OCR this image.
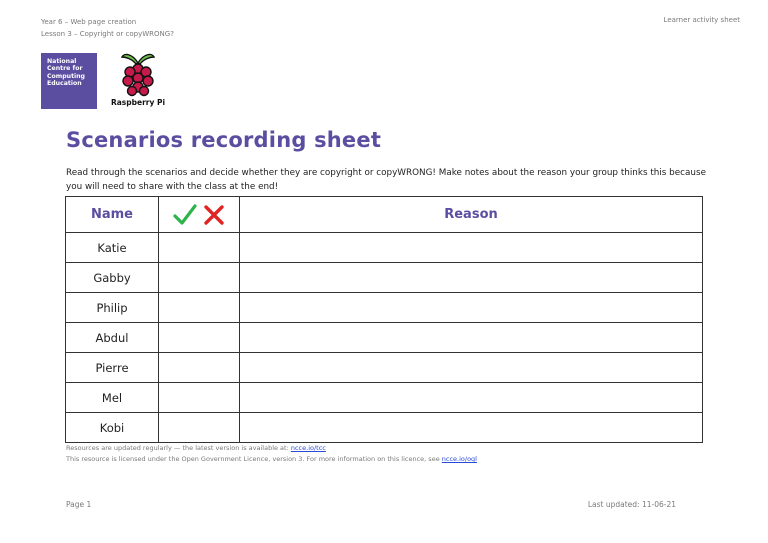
Year 6 – Web page creation
Lesson 3 – Copyright or copyWRONG?
Learner activity sheet
National
Centre for
Computing
Education
Raspberry Pi
Scenarios recording sheet
Read through the scenarios and decide whether they are copyright or copyWRONG! Make notes about the reason your group thinks this because you will need to share with the class at the end!
Name		Reason
Katie		
Gabby		
Philip		
Abdul		
Pierre		
Mel		
Kobi		
Resources are updated regularly — the latest version is available at: ncce.io/tcc
This resource is licensed under the Open Government Licence, version 3. For more information on this licence, see ncce.io/ogl
Page 1	Last updated: 11-06-21
